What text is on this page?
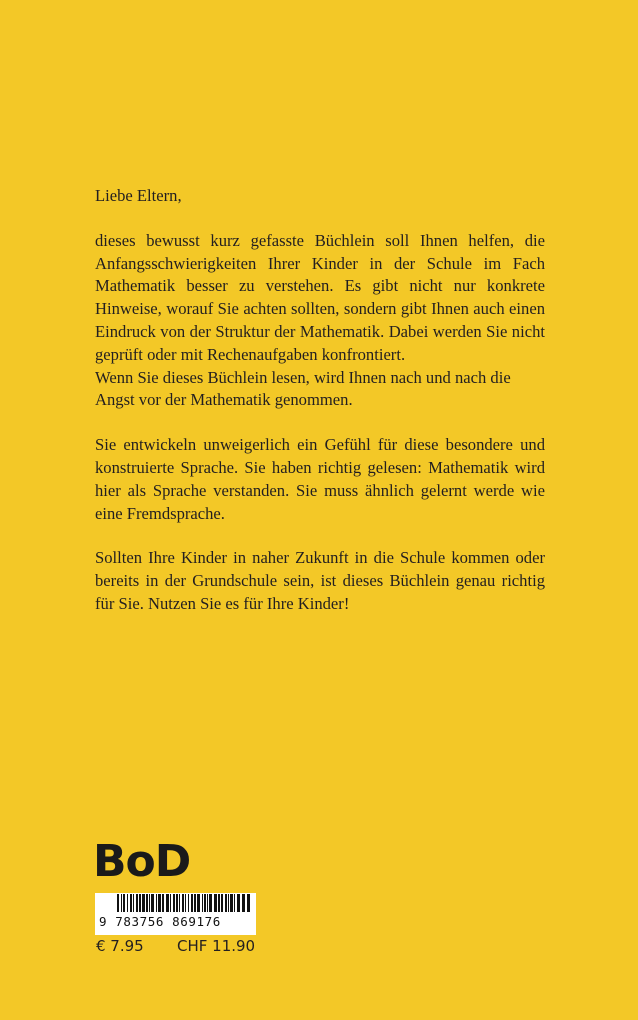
Liebe Eltern,

dieses bewusst kurz gefasste Büchlein soll Ihnen helfen, die Anfangsschwierigkeiten Ihrer Kinder in der Schule im Fach Mathematik besser zu verstehen. Es gibt nicht nur konkrete Hinweise, worauf Sie achten sollten, sondern gibt Ihnen auch einen Eindruck von der Struktur der Mathematik. Dabei werden Sie nicht geprüft oder mit Rechenaufgaben konfrontiert.

Wenn Sie dieses Büchlein lesen, wird Ihnen nach und nach die Angst vor der Mathematik genommen.

Sie entwickeln unweigerlich ein Gefühl für diese besondere und konstruierte Sprache. Sie haben richtig gelesen: Mathematik wird hier als Sprache verstanden. Sie muss ähnlich gelernt werde wie eine Fremdsprache.

Sollten Ihre Kinder in naher Zukunft in die Schule kommen oder bereits in der Grundschule sein, ist dieses Büchlein genau richtig für Sie. Nutzen Sie es für Ihre Kinder!

BoD
9 783756 869176
€ 7.95 CHF 11.90
